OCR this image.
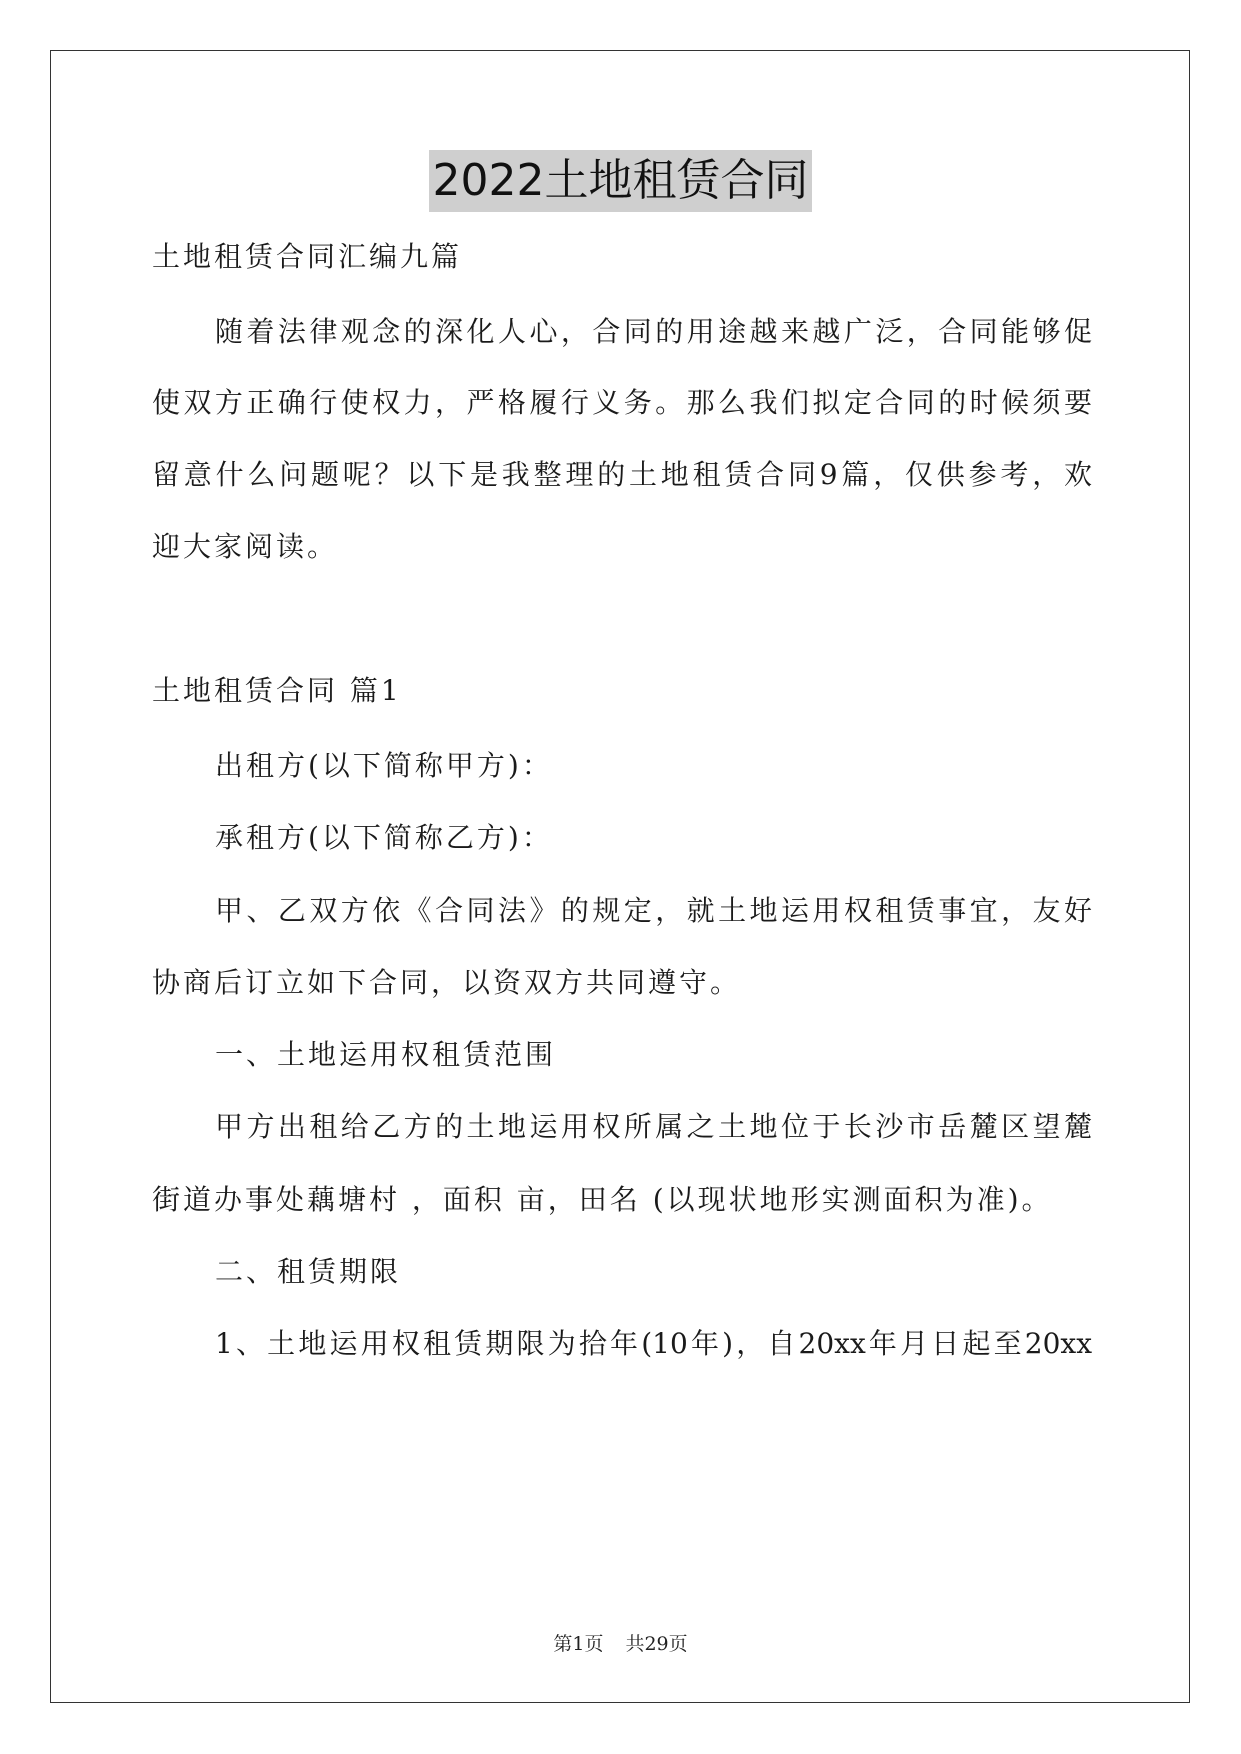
2022土地租赁合同
土地租赁合同汇编九篇
随着法律观念的深化人心，合同的用途越来越广泛，合同能够促
使双方正确行使权力，严格履行义务。那么我们拟定合同的时候须要
留意什么问题呢？以下是我整理的土地租赁合同9篇，仅供参考，欢
迎大家阅读。
土地租赁合同 篇1
出租方(以下简称甲方)：
承租方(以下简称乙方)：
甲、乙双方依《合同法》的规定，就土地运用权租赁事宜，友好
协商后订立如下合同，以资双方共同遵守。
一、土地运用权租赁范围
甲方出租给乙方的土地运用权所属之土地位于长沙市岳麓区望麓
街道办事处藕塘村 ，面积 亩，田名 (以现状地形实测面积为准)。
二、租赁期限
1、土地运用权租赁期限为拾年(10年)，自20xx年月日起至20xx
第1页 共29页
